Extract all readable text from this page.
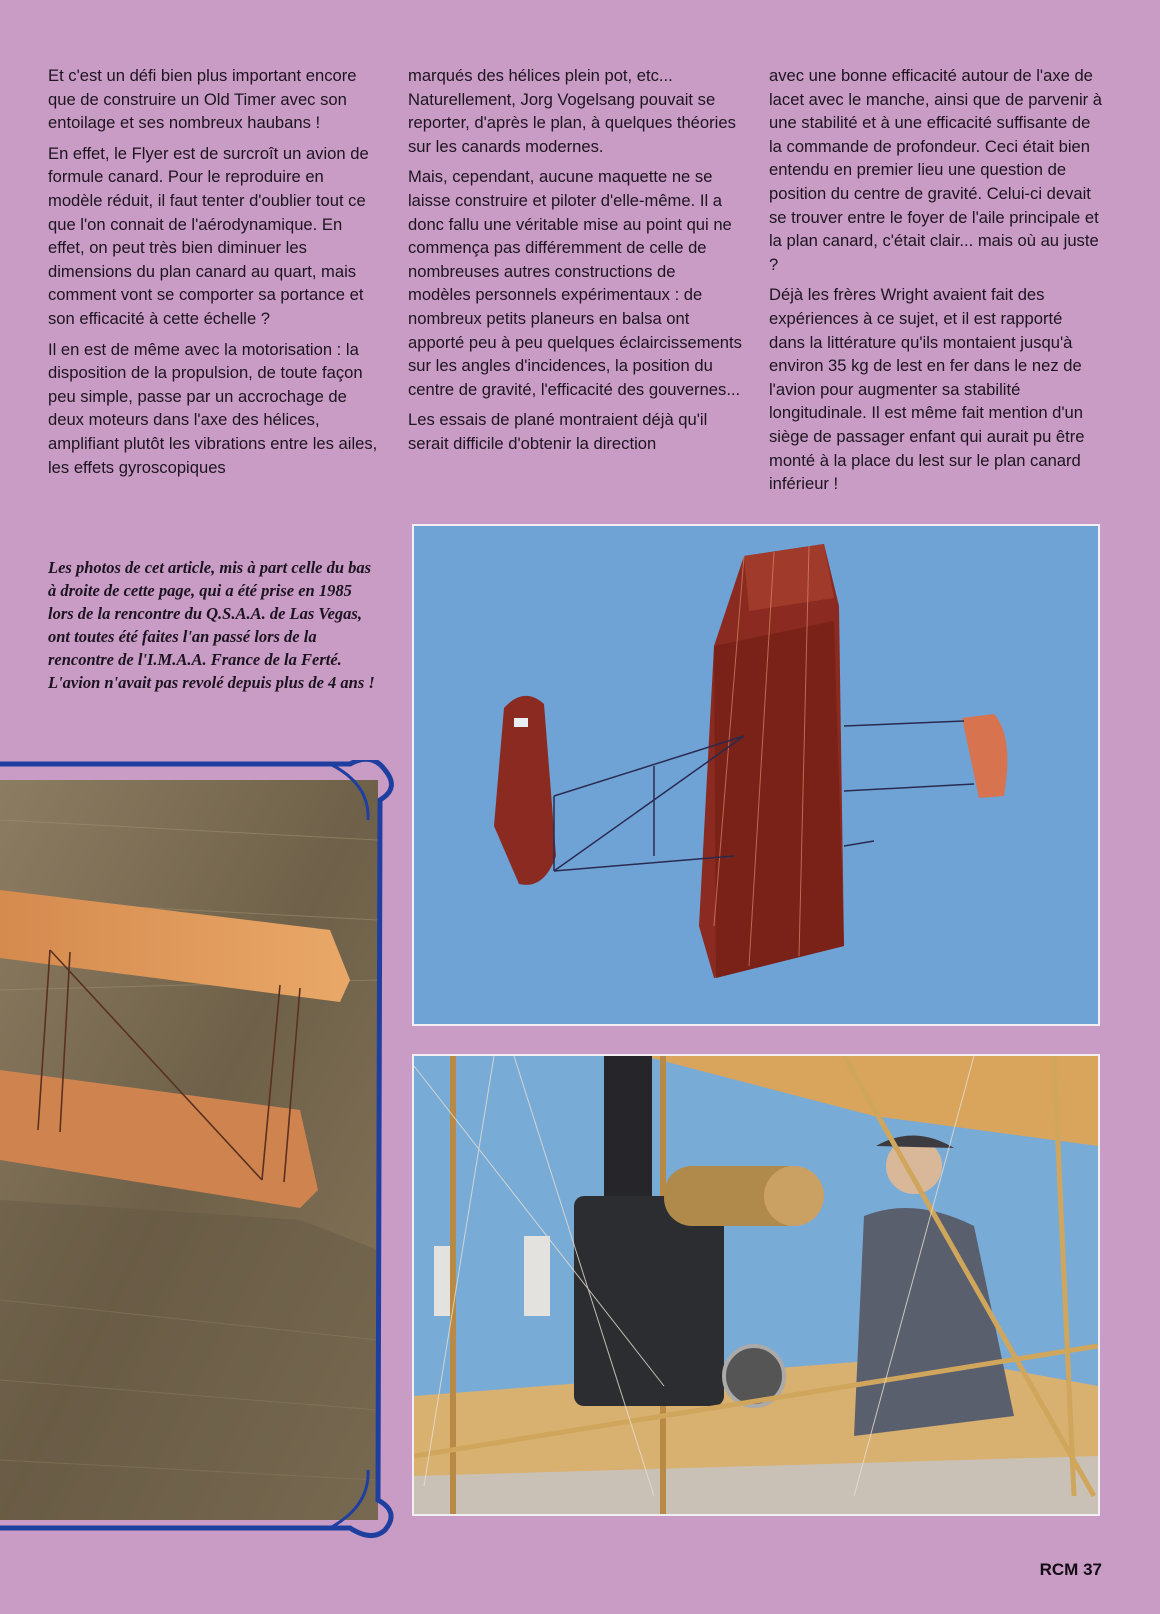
Et c'est un défi bien plus important encore que de construire un Old Timer avec son entoilage et ses nombreux haubans !

En effet, le Flyer est de surcroît un avion de formule canard. Pour le reproduire en modèle réduit, il faut tenter d'oublier tout ce que l'on connait de l'aérodynamique. En effet, on peut très bien diminuer les dimensions du plan canard au quart, mais comment vont se comporter sa portance et son efficacité à cette échelle ?

Il en est de même avec la motorisation : la disposition de la propulsion, de toute façon peu simple, passe par un accrochage de deux moteurs dans l'axe des hélices, amplifiant plutôt les vibrations entre les ailes, les effets gyroscopiques

marqués des hélices plein pot, etc... Naturellement, Jorg Vogelsang pouvait se reporter, d'après le plan, à quelques théories sur les canards modernes.

Mais, cependant, aucune maquette ne se laisse construire et piloter d'elle-même. Il a donc fallu une véritable mise au point qui ne commença pas différemment de celle de nombreuses autres constructions de modèles personnels expérimentaux : de nombreux petits planeurs en balsa ont apporté peu à peu quelques éclaircissements sur les angles d'incidences, la position du centre de gravité, l'efficacité des gouvernes...

Les essais de plané montraient déjà qu'il serait difficile d'obtenir la direction

avec une bonne efficacité autour de l'axe de lacet avec le manche, ainsi que de parvenir à une stabilité et à une efficacité suffisante de la commande de profondeur. Ceci était bien entendu en premier lieu une question de position du centre de gravité. Celui-ci devait se trouver entre le foyer de l'aile principale et la plan canard, c'était clair... mais où au juste ?

Déjà les frères Wright avaient fait des expériences à ce sujet, et il est rapporté dans la littérature qu'ils montaient jusqu'à environ 35 kg de lest en fer dans le nez de l'avion pour augmenter sa stabilité longitudinale. Il est même fait mention d'un siège de passager enfant qui aurait pu être monté à la place du lest sur le plan canard inférieur !

Les photos de cet article, mis à part celle du bas à droite de cette page, qui a été prise en 1985 lors de la rencontre du Q.S.A.A. de Las Vegas, ont toutes été faites l'an passé lors de la rencontre de l'I.M.A.A. France de la Ferté. L'avion n'avait pas revolé depuis plus de 4 ans !
RCM 37
